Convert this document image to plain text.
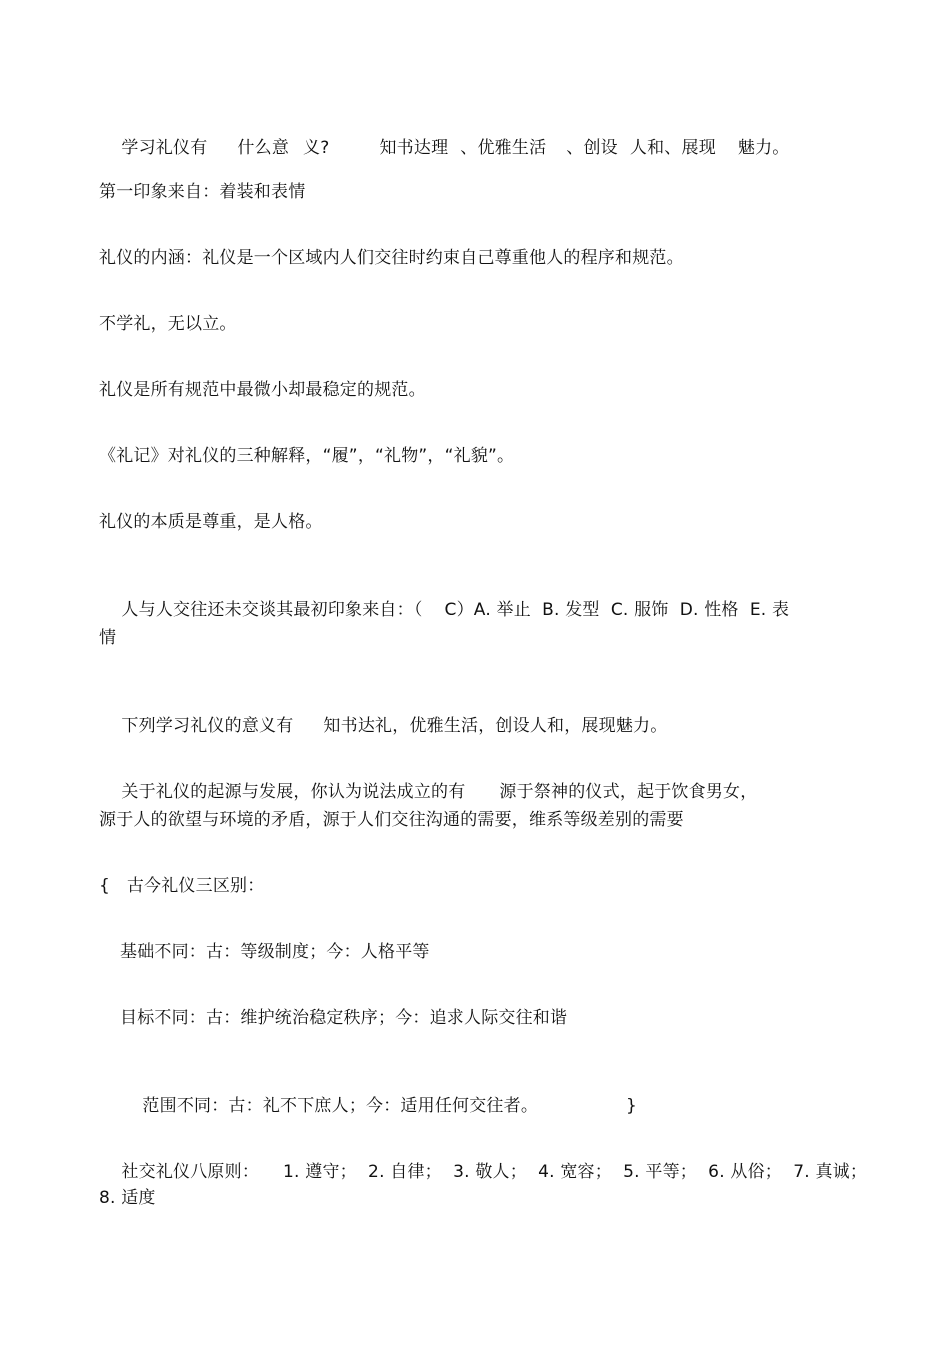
学习礼仪有 什么意 义?	知书达理 、优雅生活 、创设 人和、展现 魅力。

第一印象来自：着装和表情
礼仪的内涵：礼仪是一个区域内人们交往时约束自己尊重他人的程序和规范。
不学礼，无以立。
礼仪是所有规范中最微小却最稳定的规范。
《礼记》对礼仪的三种解释，“履”，“礼物”，“礼貌”。
礼仪的本质是尊重，是人格。

人与人交往还未交谈其最初印象来自：（ C）A. 举止  B. 发型  C. 服饰  D. 性格  E. 表

情

下列学习礼仪的意义有 知书达礼，优雅生活，创设人和，展现魅力。

关于礼仪的起源与发展，你认为说法成立的有 源于祭神的仪式，起于饮食男女，

源于人的欲望与环境的矛盾，源于人们交往沟通的需要，维系等级差别的需要
{   古今礼仪三区别：
基础不同：古：等级制度；今：人格平等
目标不同：古：维护统治稳定秩序；今：追求人际交往和谐

范围不同：古：礼不下庶人；今：适用任何交往者。	}

社交礼仪八原则： 1. 遵守；  2. 自律；  3. 敬人；  4. 宽容；  5. 平等；  6. 从俗；  7. 真诚；

8. 适度
